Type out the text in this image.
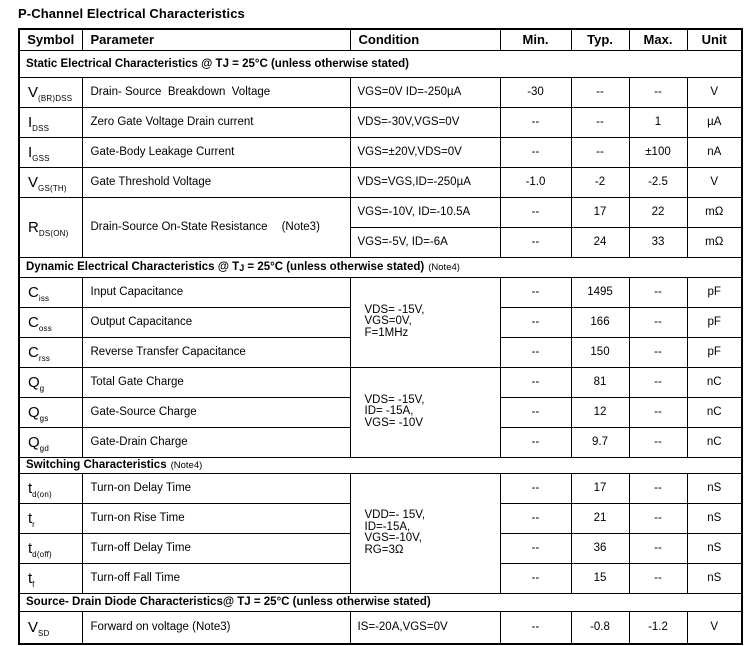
P-Channel Electrical Characteristics
Symbol	Parameter	Condition	Min.	Typ.	Max.	Unit
Static Electrical Characteristics @ TJ = 25°C (unless otherwise stated)						
$V_{(BR)DSS}$	Drain- Source  Breakdown  Voltage	VGS=0V ID=-250µA	-30	--	--	V
$I_{DSS}$	Zero Gate Voltage Drain current	VDS=-30V,VGS=0V	--	--	1	µA
$I_{GSS}$	Gate-Body Leakage Current	VGS=±20V,VDS=0V	--	--	±100	nA
$V_{GS(TH)}$	Gate Threshold Voltage	VDS=VGS,ID=-250µA	-1.0	-2	-2.5	V
$R_{DS(ON)}$	Drain-Source On-State Resistance (Note3)	VGS=-10V, ID=-10.5A	--	17	22	mΩ
		VGS=-5V, ID=-6A	--	24	33	mΩ
Dynamic Electrical Characteristics @ TJ = 25°C (unless otherwise stated) (Note4)						
$C_{iss}$	Input Capacitance	VDS= -15V,
VGS=0V,
F=1MHz	--	1495	--	pF
$C_{oss}$	Output Capacitance		--	166	--	pF
$C_{rss}$	Reverse Transfer Capacitance		--	150	--	pF
$Q_g$	Total Gate Charge	VDS= -15V,
ID= -15A,
VGS= -10V	--	81	--	nC
$Q_{gs}$	Gate-Source Charge		--	12	--	nC
$Q_{gd}$	Gate-Drain Charge		--	9.7	--	nC
Switching Characteristics (Note4)						
$t_{d(on)}$	Turn-on Delay Time	VDD=- 15V,
ID=-15A,
VGS=-10V,
RG=3Ω	--	17	--	nS
$t_r$	Turn-on Rise Time		--	21	--	nS
$t_{d(off)}$	Turn-off Delay Time		--	36	--	nS
$t_f$	Turn-off Fall Time		--	15	--	nS
Source- Drain Diode Characteristics@ TJ = 25°C (unless otherwise stated)						
$V_{SD}$	Forward on voltage (Note3)	IS=-20A,VGS=0V	--	-0.8	-1.2	V
